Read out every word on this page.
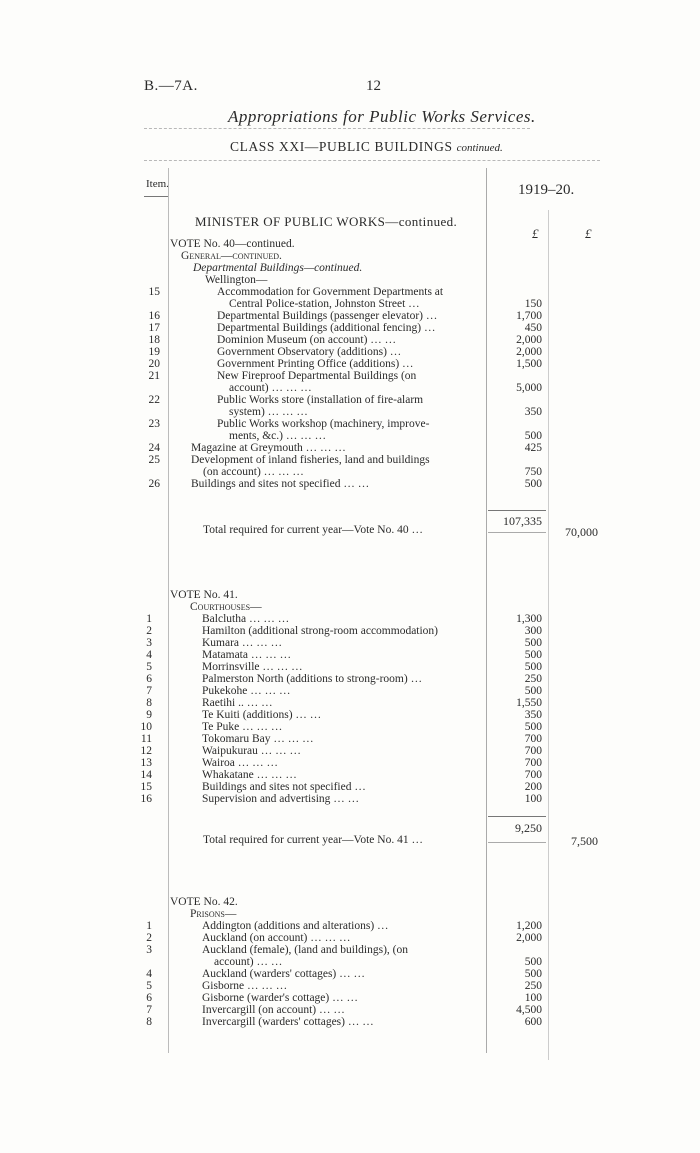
B.—7A.	12
Appropriations for Public Works Services.
CLASS XXI—PUBLIC BUILDINGS continued.
Item.	1919–20.
MINISTER OF PUBLIC WORKS—continued.
£	£
VOTE No. 40—continued.
General—continued.
Departmental Buildings—continued.
Wellington—
15	Accommodation for Government Departments at
Central Police-station, Johnston Street …	150
16	Departmental Buildings (passenger elevator) …	1,700
17	Departmental Buildings (additional fencing) …	450
18	Dominion Museum (on account) … …	2,000
19	Government Observatory (additions) …	2,000
20	Government Printing Office (additions) …	1,500
21	New Fireproof Departmental Buildings (on
account) … … …	5,000
22	Public Works store (installation of fire-alarm
system) … … …	350
23	Public Works workshop (machinery, improve-
ments, &c.) … … …	500
24	Magazine at Greymouth … … …	425
25	Development of inland fisheries, land and buildings
(on account) … … …	750
26	Buildings and sites not specified … …	500
107,335
Total required for current year—Vote No. 40 …	70,000
VOTE No. 41.
Courthouses—
1	Balclutha … … …	1,300
2	Hamilton (additional strong-room accommodation)	300
3	Kumara … … …	500
4	Matamata … … …	500
5	Morrinsville … … …	500
6	Palmerston North (additions to strong-room) …	250
7	Pukekohe … … …	500
8	Raetihi .. … …	1,550
9	Te Kuiti (additions) … …	350
10	Te Puke … … …	500
11	Tokomaru Bay … … …	700
12	Waipukurau … … …	700
13	Wairoa … … …	700
14	Whakatane … … …	700
15	Buildings and sites not specified …	200
16	Supervision and advertising … …	100
9,250
Total required for current year—Vote No. 41 …	7,500
VOTE No. 42.
Prisons—
1	Addington (additions and alterations) …	1,200
2	Auckland (on account) … … …	2,000
3	Auckland (female), (land and buildings), (on
account) … …	500
4	Auckland (warders' cottages) … …	500
5	Gisborne … … …	250
6	Gisborne (warder's cottage) … …	100
7	Invercargill (on account) … …	4,500
8	Invercargill (warders' cottages) … …	600
